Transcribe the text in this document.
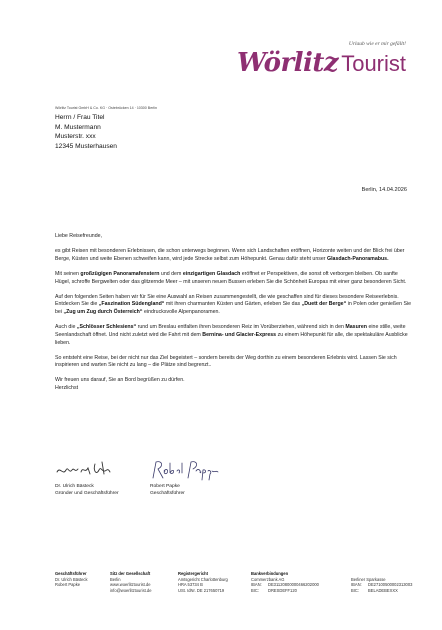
Urlaub wie er mir gefällt!
Wörlitz Tourist
Wörlitz Tourist GmbH & Co. KG · Ostebrücken 14 · 10300 Berlin
Herrn / Frau Titel
M. Mustermann
Musterstr. xxx
12345 Musterhausen
Berlin, 14.04.2026

Liebe Reisefreunde,

es gibt Reisen mit besonderen Erlebnissen, die schon unterwegs beginnen. Wenn sich Landschaften eröffnen, Horizonte weiten und der Blick frei über Berge, Küsten und weite Ebenen schweifen kann, wird jede Strecke selbst zum Höhepunkt. Genau dafür steht unser Glasdach-Panoramabus.

Mit seinen großzügigen Panoramafenstern und dem einzigartigen Glasdach eröffnet er Perspektiven, die sonst oft verborgen bleiben. Ob sanfte Hügel, schroffe Bergwelten oder das glitzernde Meer – mit unseren neuen Bussen erleben Sie die Schönheit Europas mit einer ganz besonderen Sicht.

Auf den folgenden Seiten haben wir für Sie eine Auswahl an Reisen zusammengestellt, die wie geschaffen sind für dieses besondere Reiseerlebnis. Entdecken Sie die „Faszination Südengland“ mit ihren charmanten Küsten und Gärten, erleben Sie das „Duett der Berge“ in Polen oder genießen Sie bei „Zug um Zug durch Österreich“ eindrucksvolle Alpenpanoramen.

Auch die „Schlösser Schlesiens“ rund um Breslau entfalten ihren besonderen Reiz im Vorüberziehen, während sich in den Masuren eine stille, weite Seenlandschaft öffnet. Und nicht zuletzt wird die Fahrt mit dem Bernina- und Glacier-Express zu einem Höhepunkt für alle, die spektakuläre Ausblicke lieben.

So entsteht eine Reise, bei der nicht nur das Ziel begeistert – sondern bereits der Weg dorthin zu einem besonderen Erlebnis wird. Lassen Sie sich inspirieren und warten Sie nicht zu lang – die Plätze sind begrenzt..

Wir freuen uns darauf, Sie an Bord begrüßen zu dürfen.

Herzlichst

Dr. Ulrich Bästeck
Gründer und Geschäftsführer
Robert Papke
Geschäftsführer
Geschäftsführer
Dr. Ulrich Bästeck
Robert Papke
Sitz der Gesellschaft
Berlin
www.woerlitztourist.de
info@woerlitztourist.de
Registergericht
Amtsgericht Charlottenburg
HRA 53734 B
USt. IdNr. DE 217650719
Bankverbindungen
Commerzbank AG
IBAN: DE31120800000466202000
BIC: DRESDEFF120

Berliner Sparkasse
IBAN: DE27100500002313003
BIC: BELADEBEXXX
